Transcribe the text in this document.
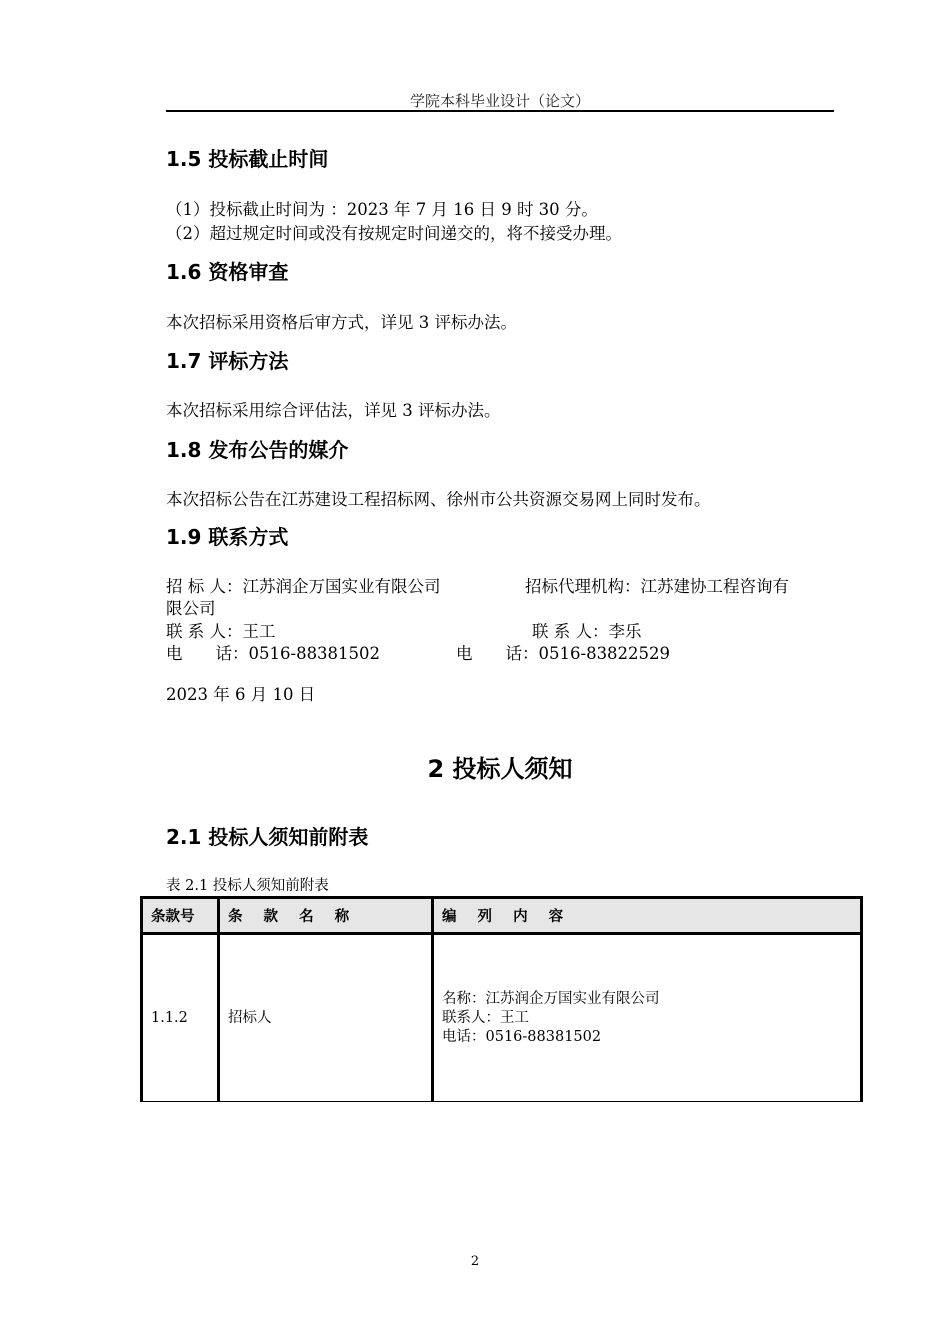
学院本科毕业设计（论文）
1.5 投标截止时间
（1）投标截止时间为 ：2023 年 7 月 16 日 9 时 30 分。
（2）超过规定时间或没有按规定时间递交的，将不接受办理。
1.6 资格审查
本次招标采用资格后审方式，详见 3 评标办法。
1.7 评标方法
本次招标采用综合评估法，详见 3 评标办法。
1.8 发布公告的媒介
本次招标公告在江苏建设工程招标网、徐州市公共资源交易网上同时发布。
1.9 联系方式
招 标 人：江苏润企万国实业有限公司	招标代理机构：江苏建协工程咨询有
限公司
联 系 人：王工	联 系 人：李乐
电　　话：0516-88381502	电　　话：0516-83822529
2023 年 6 月 10 日
2 投标人须知
2.1 投标人须知前附表
表 2.1 投标人须知前附表
条款号	条 款 名 称	编 列 内 容
1.1.2	招标人	名称：江苏润企万国实业有限公司
联系人：王工
电话：0516-88381502
2
